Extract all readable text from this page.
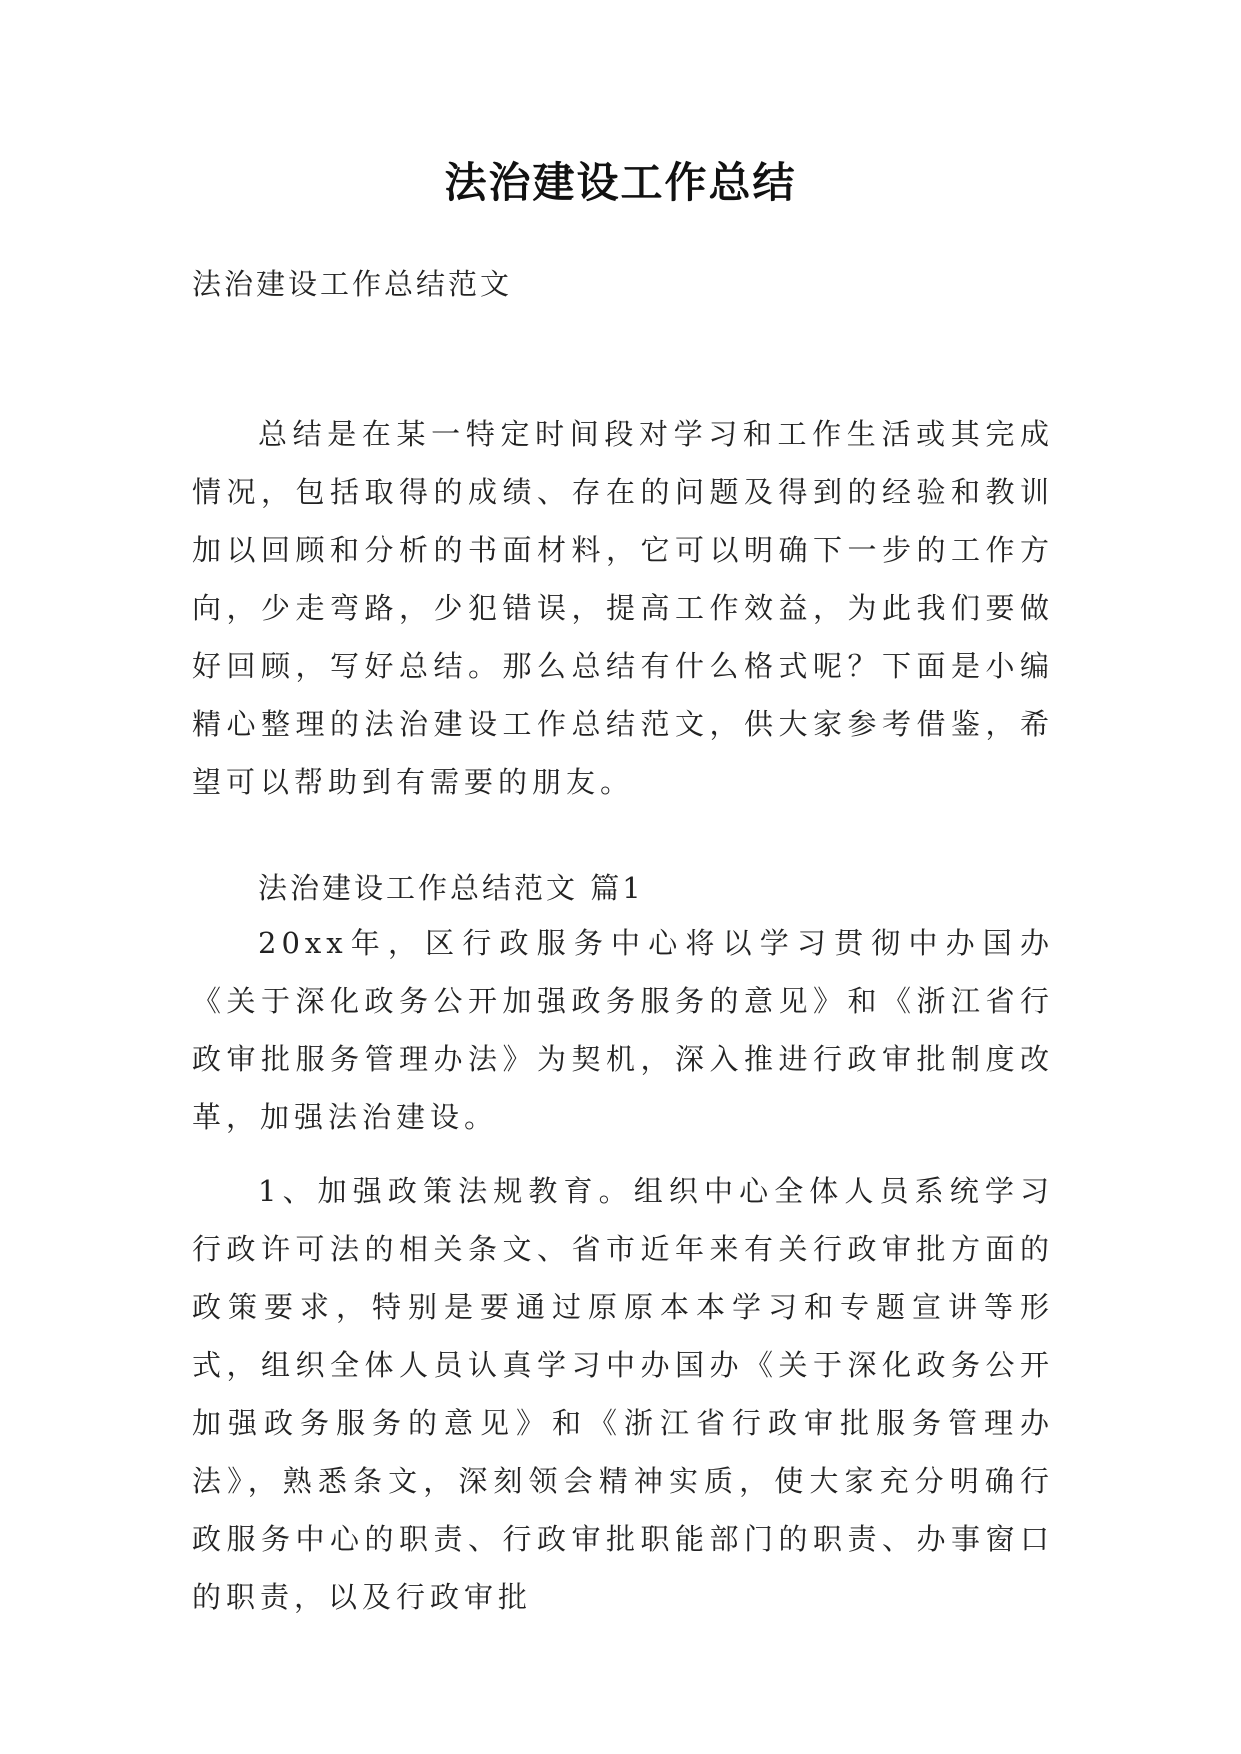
法治建设工作总结

法治建设工作总结范文

总结是在某一特定时间段对学习和工作生活或其完成情况，包括取得的成绩、存在的问题及得到的经验和教训加以回顾和分析的书面材料，它可以明确下一步的工作方向，少走弯路，少犯错误，提高工作效益，为此我们要做好回顾，写好总结。那么总结有什么格式呢？下面是小编精心整理的法治建设工作总结范文，供大家参考借鉴，希望可以帮助到有需要的朋友。

法治建设工作总结范文 篇1

20xx年，区行政服务中心将以学习贯彻中办国办《关于深化政务公开加强政务服务的意见》和《浙江省行政审批服务管理办法》为契机，深入推进行政审批制度改革，加强法治建设。

1、加强政策法规教育。组织中心全体人员系统学习行政许可法的相关条文、省市近年来有关行政审批方面的政策要求，特别是要通过原原本本学习和专题宣讲等形式，组织全体人员认真学习中办国办《关于深化政务公开加强政务服务的意见》和《浙江省行政审批服务管理办法》，熟悉条文，深刻领会精神实质，使大家充分明确行政服务中心的职责、行政审批职能部门的职责、办事窗口的职责，以及行政审批
